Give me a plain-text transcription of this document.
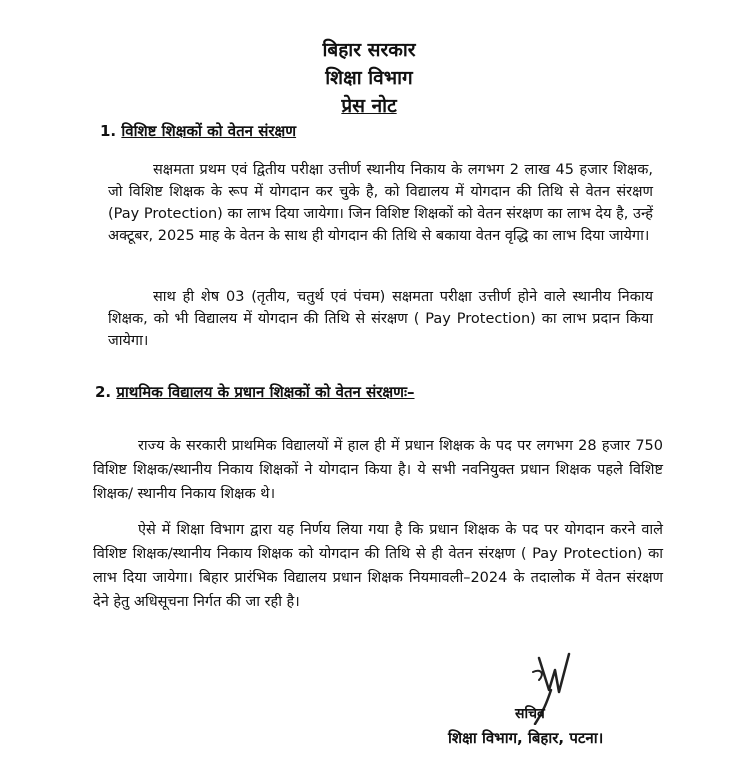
बिहार सरकार
शिक्षा विभाग
प्रेस नोट
1. विशिष्ट शिक्षकों को वेतन संरक्षण
सक्षमता प्रथम एवं द्वितीय परीक्षा उत्तीर्ण स्थानीय निकाय के लगभग 2 लाख 45 हजार शिक्षक, जो विशिष्ट शिक्षक के रूप में योगदान कर चुके है, को विद्यालय में योगदान की तिथि से वेतन संरक्षण (Pay Protection) का लाभ दिया जायेगा। जिन विशिष्ट शिक्षकों को वेतन संरक्षण का लाभ देय है, उन्हें अक्टूबर, 2025 माह के वेतन के साथ ही योगदान की तिथि से बकाया वेतन वृद्धि का लाभ दिया जायेगा।
साथ ही शेष 03 (तृतीय, चतुर्थ एवं पंचम) सक्षमता परीक्षा उत्तीर्ण होने वाले स्थानीय निकाय शिक्षक, को भी विद्यालय में योगदान की तिथि से संरक्षण ( Pay Protection) का लाभ प्रदान किया जायेगा।
2. प्राथमिक विद्यालय के प्रधान शिक्षकों को वेतन संरक्षणः–
राज्य के सरकारी प्राथमिक विद्यालयों में हाल ही में प्रधान शिक्षक के पद पर लगभग 28 हजार 750 विशिष्ट शिक्षक/स्थानीय निकाय शिक्षकों ने योगदान किया है। ये सभी नवनियुक्त प्रधान शिक्षक पहले विशिष्ट शिक्षक/ स्थानीय निकाय शिक्षक थे।
ऐसे में शिक्षा विभाग द्वारा यह निर्णय लिया गया है कि प्रधान शिक्षक के पद पर योगदान करने वाले विशिष्ट शिक्षक/स्थानीय निकाय शिक्षक को योगदान की तिथि से ही वेतन संरक्षण ( Pay Protection) का लाभ दिया जायेगा। बिहार प्रारंभिक विद्यालय प्रधान शिक्षक नियमावली–2024 के तदालोक में वेतन संरक्षण देने हेतु अधिसूचना निर्गत की जा रही है।
सचिव
शिक्षा विभाग, बिहार, पटना।
